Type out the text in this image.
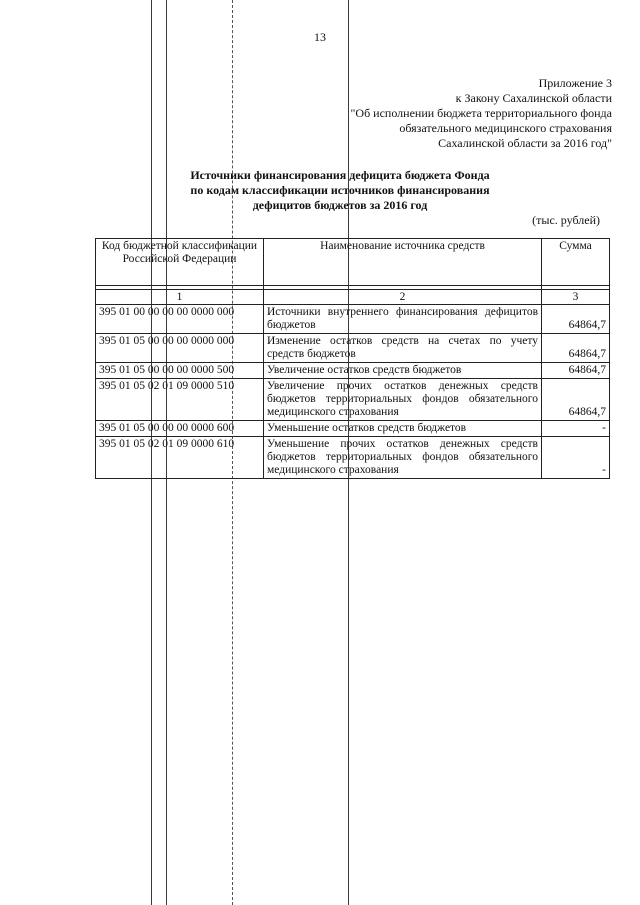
13
Приложение 3
к Закону Сахалинской области
"Об исполнении бюджета территориального фонда
обязательного медицинского страхования
Сахалинской области за 2016 год"
Источники финансирования дефицита бюджета Фонда
по кодам классификации источников финансирования
дефицитов бюджетов за 2016 год
(тыс. рублей)
Код бюджетной классификации Российской Федерации	Наименование источника средств	Сумма

1	2	3
395 01 00 00 00 00 0000 000	Источники внутреннего финансирования дефицитов бюджетов	64864,7
395 01 05 00 00 00 0000 000	Изменение остатков средств на счетах по учету средств бюджетов	64864,7
395 01 05 00 00 00 0000 500	Увеличение остатков средств бюджетов	64864,7
395 01 05 02 01 09 0000 510	Увеличение прочих остатков денежных средств бюджетов территориальных фондов обязательного медицинского страхования	64864,7
395 01 05 00 00 00 0000 600	Уменьшение остатков средств бюджетов	-
395 01 05 02 01 09 0000 610	Уменьшение прочих остатков денежных средств бюджетов территориальных фондов обязательного медицинского страхования	-
